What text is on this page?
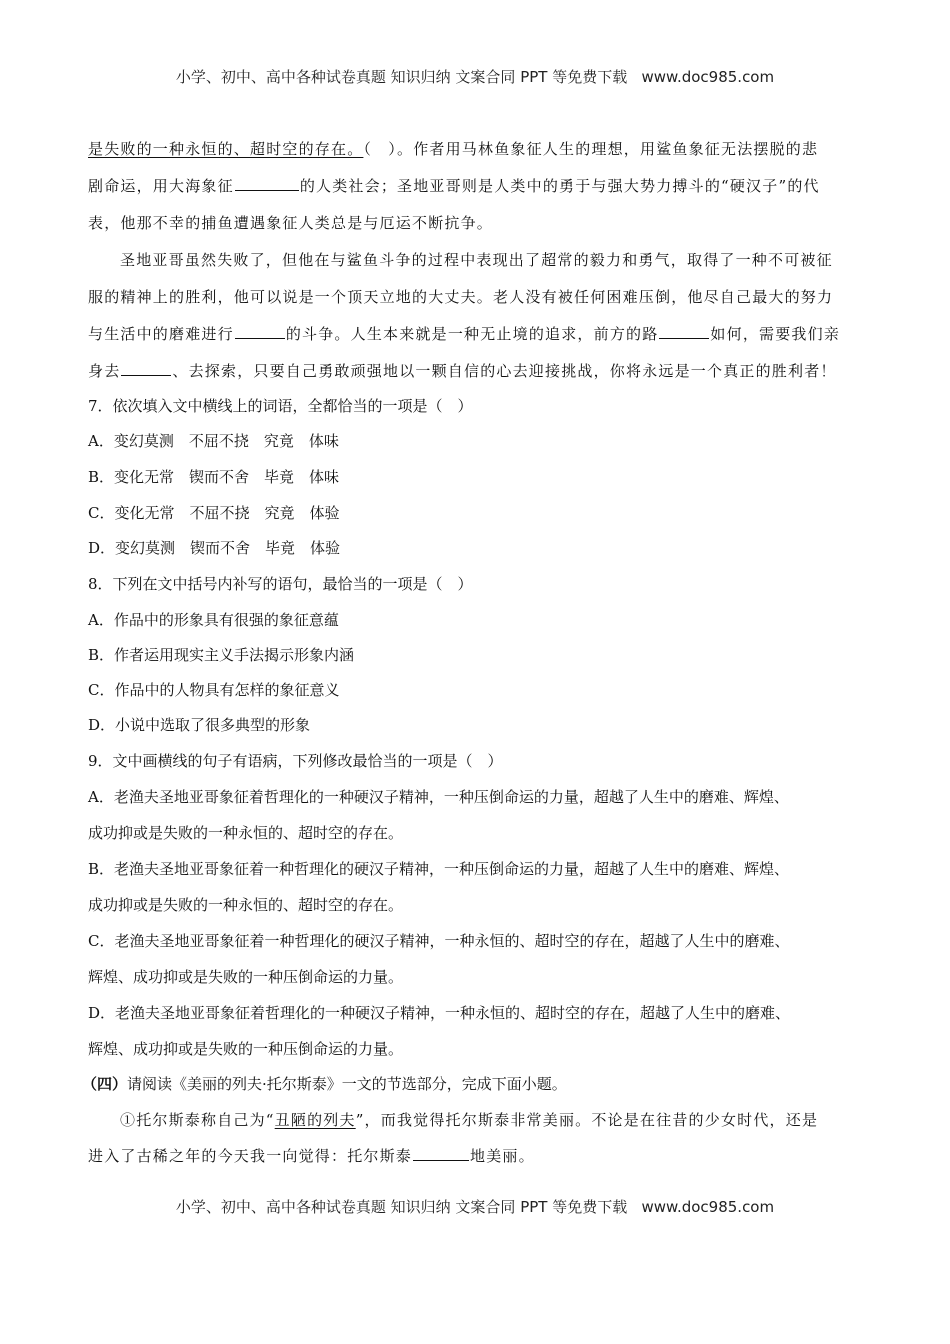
小学、初中、高中各种试卷真题 知识归纳 文案合同 PPT 等免费下载   www.doc985.com
是失败的一种永恒的、超时空的存在。（　）。作者用马林鱼象征人生的理想，用鲨鱼象征无法摆脱的悲
剧命运，用大海象征	的人类社会；圣地亚哥则是人类中的勇于与强大势力搏斗的“硬汉子”的代
表，他那不幸的捕鱼遭遇象征人类总是与厄运不断抗争。
圣地亚哥虽然失败了，但他在与鲨鱼斗争的过程中表现出了超常的毅力和勇气，取得了一种不可被征
服的精神上的胜利，他可以说是一个顶天立地的大丈夫。老人没有被任何困难压倒，他尽自己最大的努力
与生活中的磨难进行	的斗争。人生本来就是一种无止境的追求，前方的路	如何，需要我们亲
身去	、去探索，只要自己勇敢顽强地以一颗自信的心去迎接挑战，你将永远是一个真正的胜利者！
7．依次填入文中横线上的词语，全都恰当的一项是（　）
A．变幻莫测　不屈不挠　究竟　体味
B．变化无常　锲而不舍　毕竟　体味
C．变化无常　不屈不挠　究竟　体验
D．变幻莫测　锲而不舍　毕竟　体验
8．下列在文中括号内补写的语句，最恰当的一项是（　）
A．作品中的形象具有很强的象征意蕴
B．作者运用现实主义手法揭示形象内涵
C．作品中的人物具有怎样的象征意义
D．小说中选取了很多典型的形象
9．文中画横线的句子有语病，下列修改最恰当的一项是（　）
A．老渔夫圣地亚哥象征着哲理化的一种硬汉子精神，一种压倒命运的力量，超越了人生中的磨难、辉煌、
成功抑或是失败的一种永恒的、超时空的存在。
B．老渔夫圣地亚哥象征着一种哲理化的硬汉子精神，一种压倒命运的力量，超越了人生中的磨难、辉煌、
成功抑或是失败的一种永恒的、超时空的存在。
C．老渔夫圣地亚哥象征着一种哲理化的硬汉子精神，一种永恒的、超时空的存在，超越了人生中的磨难、
辉煌、成功抑或是失败的一种压倒命运的力量。
D．老渔夫圣地亚哥象征着哲理化的一种硬汉子精神，一种永恒的、超时空的存在，超越了人生中的磨难、
辉煌、成功抑或是失败的一种压倒命运的力量。
（四）请阅读《美丽的列夫·托尔斯泰》一文的节选部分，完成下面小题。
①托尔斯泰称自己为“丑陋的列夫”，而我觉得托尔斯泰非常美丽。不论是在往昔的少女时代，还是
进入了古稀之年的今天我一向觉得：托尔斯泰	地美丽。
小学、初中、高中各种试卷真题 知识归纳 文案合同 PPT 等免费下载   www.doc985.com
